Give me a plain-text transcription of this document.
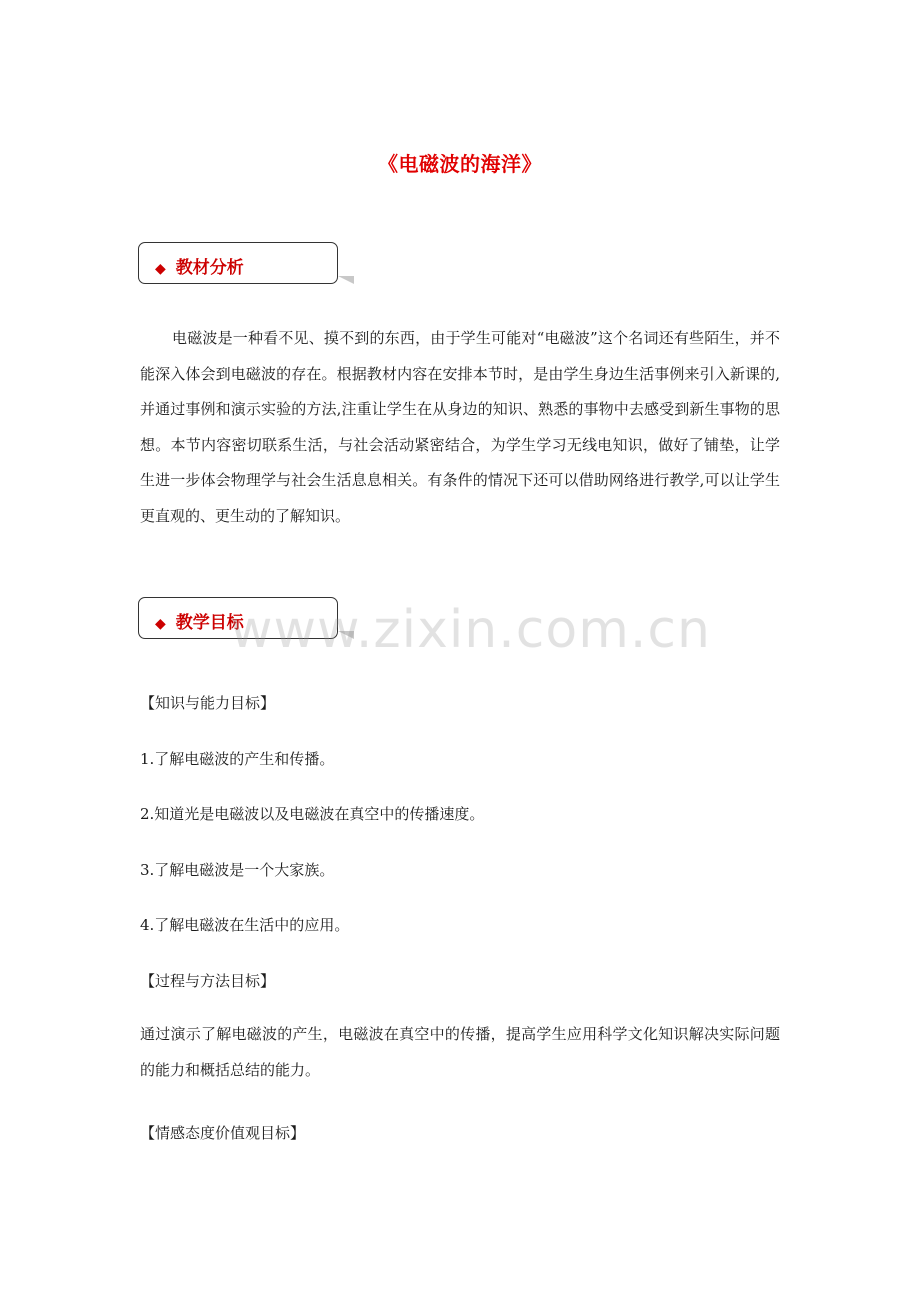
《电磁波的海洋》
◆ 教材分析
电磁波是一种看不见、摸不到的东西，由于学生可能对“电磁波”这个名词还有些陌生，并不能深入体会到电磁波的存在。根据教材内容在安排本节时，是由学生身边生活事例来引入新课的,并通过事例和演示实验的方法,注重让学生在从身边的知识、熟悉的事物中去感受到新生事物的思想。本节内容密切联系生活，与社会活动紧密结合，为学生学习无线电知识，做好了铺垫，让学生进一步体会物理学与社会生活息息相关。有条件的情况下还可以借助网络进行教学,可以让学生更直观的、更生动的了解知识。
◆ 教学目标
【知识与能力目标】
1.了解电磁波的产生和传播。
2.知道光是电磁波以及电磁波在真空中的传播速度。
3.了解电磁波是一个大家族。
4.了解电磁波在生活中的应用。
【过程与方法目标】
通过演示了解电磁波的产生，电磁波在真空中的传播，提高学生应用科学文化知识解决实际问题的能力和概括总结的能力。
【情感态度价值观目标】
www.zixin.com.cn
